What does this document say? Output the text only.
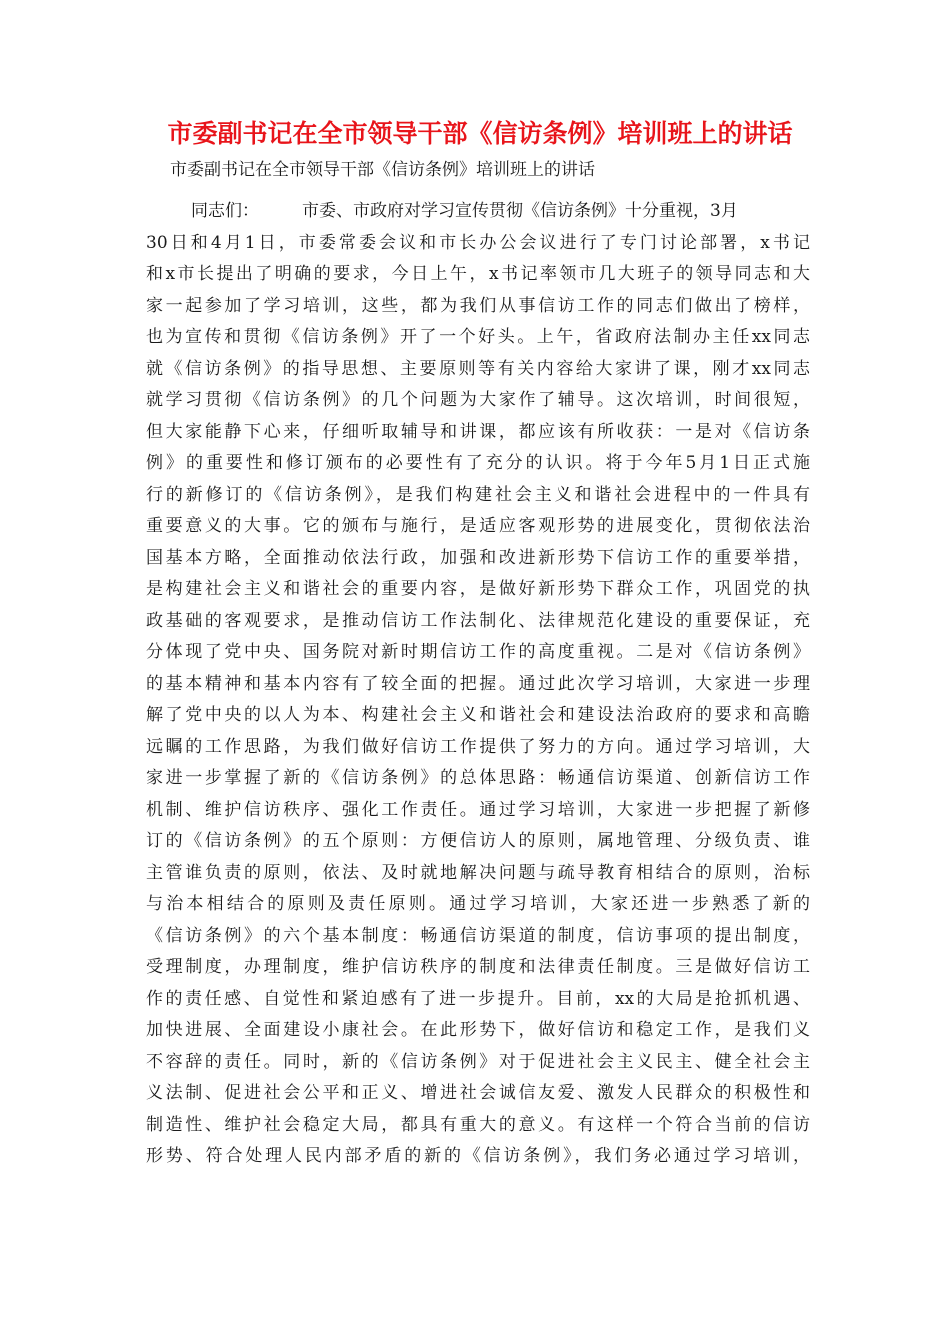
市委副书记在全市领导干部《信访条例》培训班上的讲话

市委副书记在全市领导干部《信访条例》培训班上的讲话

同志们：	市委、市政府对学习宣传贯彻《信访条例》十分重视，3月
30日和4月1日，市委常委会议和市长办公会议进行了专门讨论部署，x书记
和x市长提出了明确的要求，今日上午，x书记率领市几大班子的领导同志和大
家一起参加了学习培训，这些，都为我们从事信访工作的同志们做出了榜样，
也为宣传和贯彻《信访条例》开了一个好头。上午，省政府法制办主任xx同志
就《信访条例》的指导思想、主要原则等有关内容给大家讲了课，刚才xx同志
就学习贯彻《信访条例》的几个问题为大家作了辅导。这次培训，时间很短，
但大家能静下心来，仔细听取辅导和讲课，都应该有所收获：一是对《信访条
例》的重要性和修订颁布的必要性有了充分的认识。将于今年5月1日正式施
行的新修订的《信访条例》，是我们构建社会主义和谐社会进程中的一件具有
重要意义的大事。它的颁布与施行，是适应客观形势的进展变化，贯彻依法治
国基本方略，全面推动依法行政，加强和改进新形势下信访工作的重要举措，
是构建社会主义和谐社会的重要内容，是做好新形势下群众工作，巩固党的执
政基础的客观要求，是推动信访工作法制化、法律规范化建设的重要保证，充
分体现了党中央、国务院对新时期信访工作的高度重视。二是对《信访条例》
的基本精神和基本内容有了较全面的把握。通过此次学习培训，大家进一步理
解了党中央的以人为本、构建社会主义和谐社会和建设法治政府的要求和高瞻
远瞩的工作思路，为我们做好信访工作提供了努力的方向。通过学习培训，大
家进一步掌握了新的《信访条例》的总体思路：畅通信访渠道、创新信访工作
机制、维护信访秩序、强化工作责任。通过学习培训，大家进一步把握了新修
订的《信访条例》的五个原则：方便信访人的原则，属地管理、分级负责、谁
主管谁负责的原则，依法、及时就地解决问题与疏导教育相结合的原则，治标
与治本相结合的原则及责任原则。通过学习培训，大家还进一步熟悉了新的
《信访条例》的六个基本制度：畅通信访渠道的制度，信访事项的提出制度，
受理制度，办理制度，维护信访秩序的制度和法律责任制度。三是做好信访工
作的责任感、自觉性和紧迫感有了进一步提升。目前，xx的大局是抢抓机遇、
加快进展、全面建设小康社会。在此形势下，做好信访和稳定工作，是我们义
不容辞的责任。同时，新的《信访条例》对于促进社会主义民主、健全社会主
义法制、促进社会公平和正义、增进社会诚信友爱、激发人民群众的积极性和
制造性、维护社会稳定大局，都具有重大的意义。有这样一个符合当前的信访
形势、符合处理人民内部矛盾的新的《信访条例》，我们务必通过学习培训，
